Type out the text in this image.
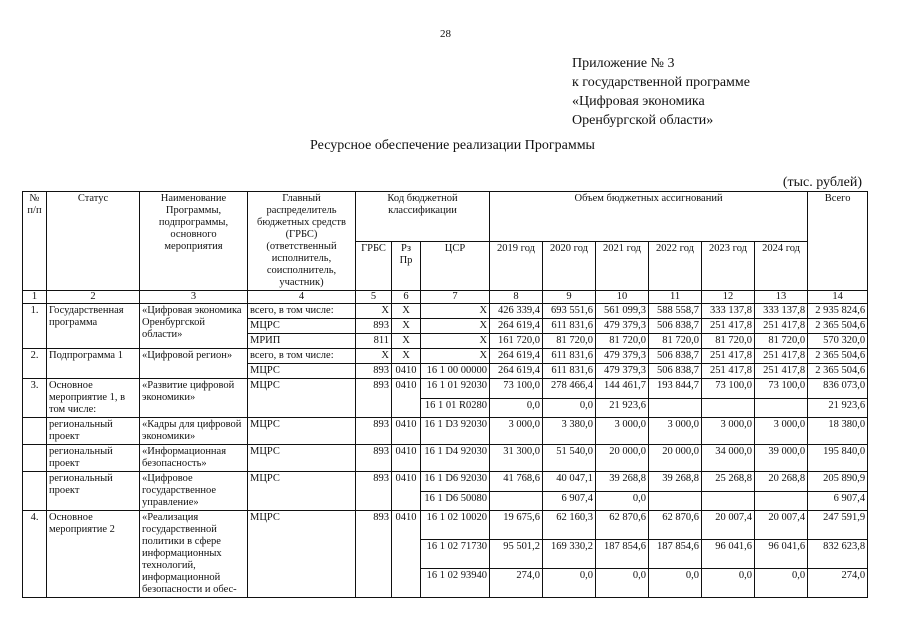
28
Приложение № 3
к государственной программе
«Цифровая экономика
Оренбургской области»
Ресурсное обеспечение реализации Программы
(тыс. рублей)
№ п/п	Статус	Наименование Программы, подпрограммы, основного мероприятия	Главный распределитель бюджетных средств (ГРБС) (ответственный исполнитель, соисполнитель, участник)	Код бюджетной классификации			Объем бюджетных ассигнований						Всего
				ГРБС	Рз Пр	ЦСР	2019 год	2020 год	2021 год	2022 год	2023 год	2024 год	
1	2	3	4	5	6	7	8	9	10	11	12	13	14
1.	Государственная программа	«Цифровая экономика Оренбургской области»	всего, в том числе:	Х	Х	Х	426 339,4	693 551,6	561 099,3	588 558,7	333 137,8	333 137,8	2 935 824,6
			МЦРС	893	Х	Х	264 619,4	611 831,6	479 379,3	506 838,7	251 417,8	251 417,8	2 365 504,6
			МРИП	811	Х	Х	161 720,0	81 720,0	81 720,0	81 720,0	81 720,0	81 720,0	570 320,0
2.	Подпрограмма 1	«Цифровой регион»	всего, в том числе:	Х	Х	Х	264 619,4	611 831,6	479 379,3	506 838,7	251 417,8	251 417,8	2 365 504,6
			МЦРС	893	0410	16 1 00 00000	264 619,4	611 831,6	479 379,3	506 838,7	251 417,8	251 417,8	2 365 504,6
3.	Основное мероприятие 1, в том числе:	«Развитие цифровой экономики»	МЦРС	893	0410	16 1 01 92030	73 100,0	278 466,4	144 461,7	193 844,7	73 100,0	73 100,0	836 073,0
						16 1 01 R0280	0,0	0,0	21 923,6				21 923,6
	региональный проект	«Кадры для цифровой экономики»	МЦРС	893	0410	16 1 D3 92030	3 000,0	3 380,0	3 000,0	3 000,0	3 000,0	3 000,0	18 380,0
	региональный проект	«Информационная безопасность»	МЦРС	893	0410	16 1 D4 92030	31 300,0	51 540,0	20 000,0	20 000,0	34 000,0	39 000,0	195 840,0
	региональный проект	«Цифровое государственное управление»	МЦРС	893	0410	16 1 D6 92030	41 768,6	40 047,1	39 268,8	39 268,8	25 268,8	20 268,8	205 890,9
						16 1 D6 50080		6 907,4	0,0				6 907,4
4.	Основное мероприятие 2	«Реализация государственной политики в сфере информационных технологий, информационной безопасности и обес-	МЦРС	893	0410	16 1 02 10020	19 675,6	62 160,3	62 870,6	62 870,6	20 007,4	20 007,4	247 591,9
						16 1 02 71730	95 501,2	169 330,2	187 854,6	187 854,6	96 041,6	96 041,6	832 623,8
						16 1 02 93940	274,0	0,0	0,0	0,0	0,0	0,0	274,0
